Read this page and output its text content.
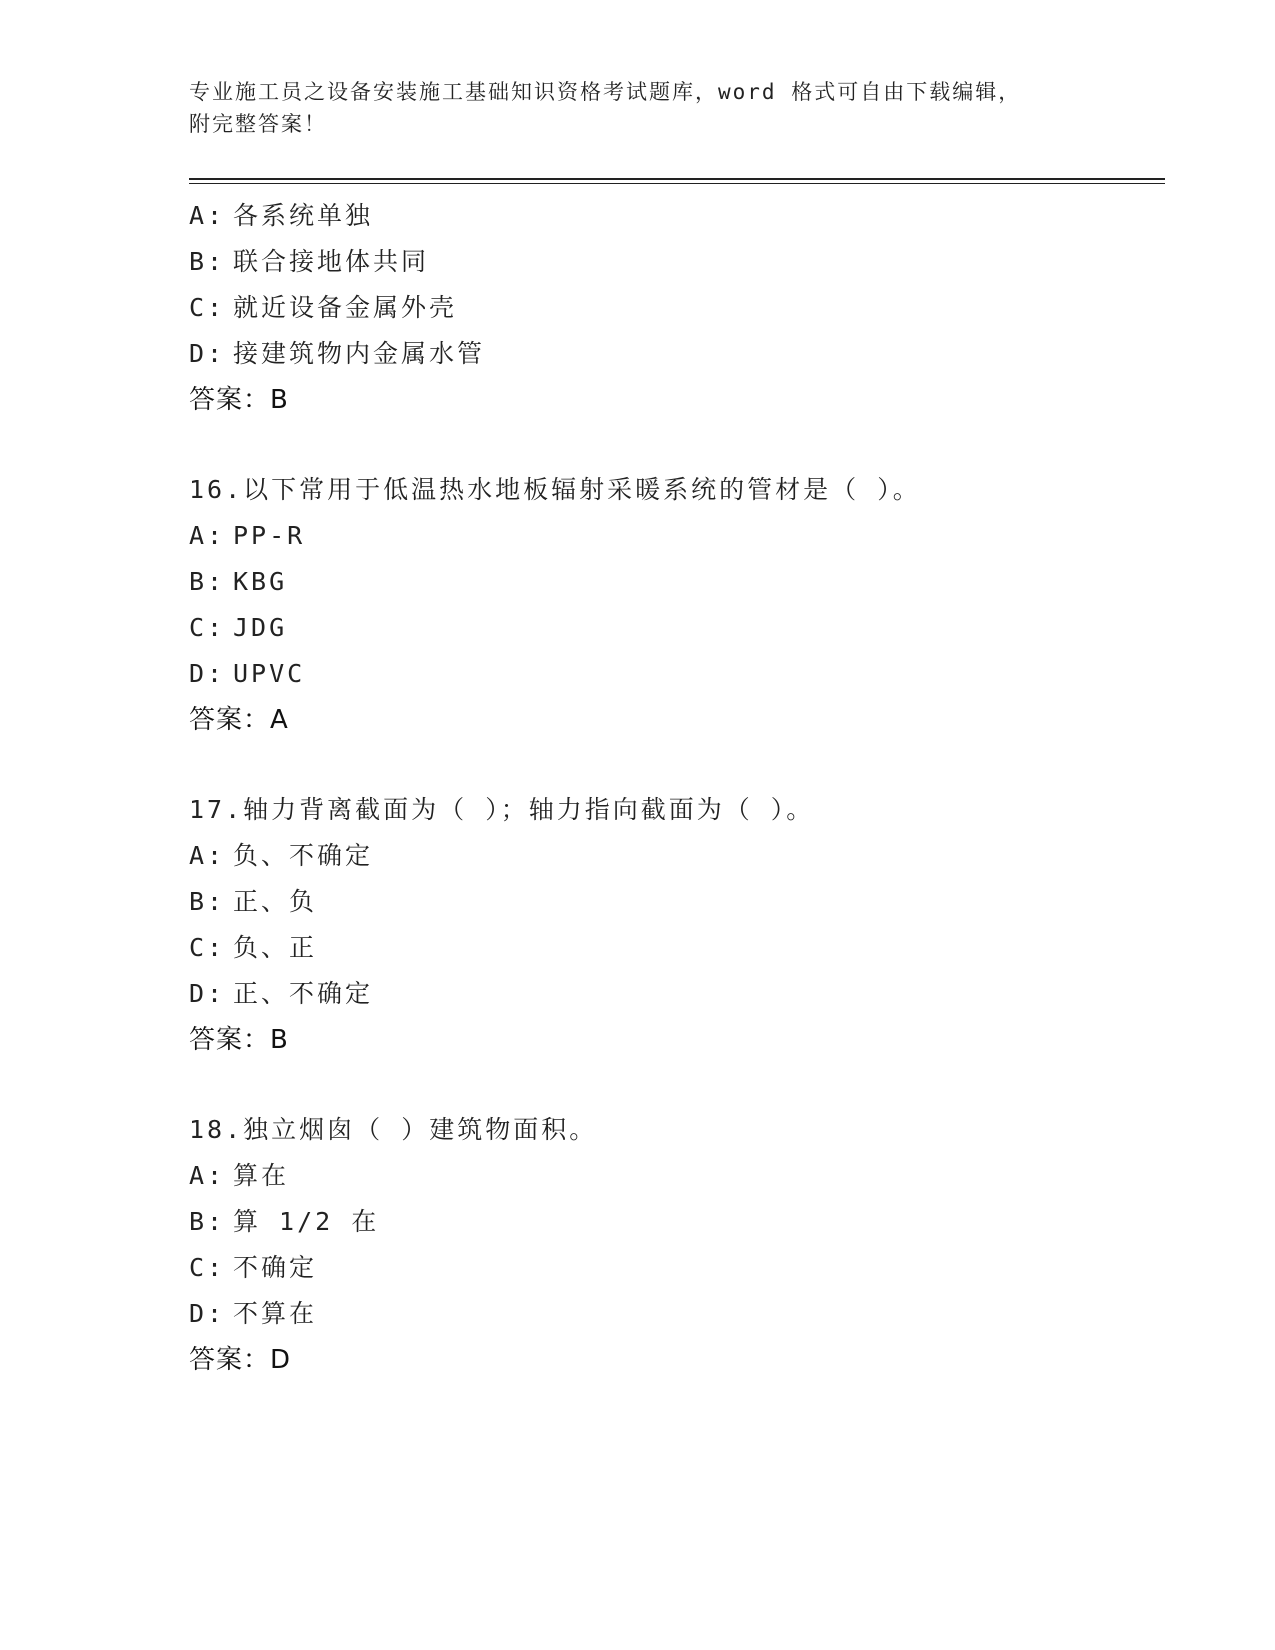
专业施工员之设备安装施工基础知识资格考试题库，word 格式可自由下载编辑，
附完整答案！
A: 各系统单独
B: 联合接地体共同
C: 就近设备金属外壳
D: 接建筑物内金属水管
答案：B
16.以下常用于低温热水地板辐射采暖系统的管材是（ ）。
A: PP-R
B: KBG
C: JDG
D: UPVC
答案：A
17.轴力背离截面为（ ）；轴力指向截面为（ ）。
A: 负、不确定
B: 正、负
C: 负、正
D: 正、不确定
答案：B
18.独立烟囱（ ）建筑物面积。
A: 算在
B: 算 1/2 在
C: 不确定
D: 不算在
答案：D
